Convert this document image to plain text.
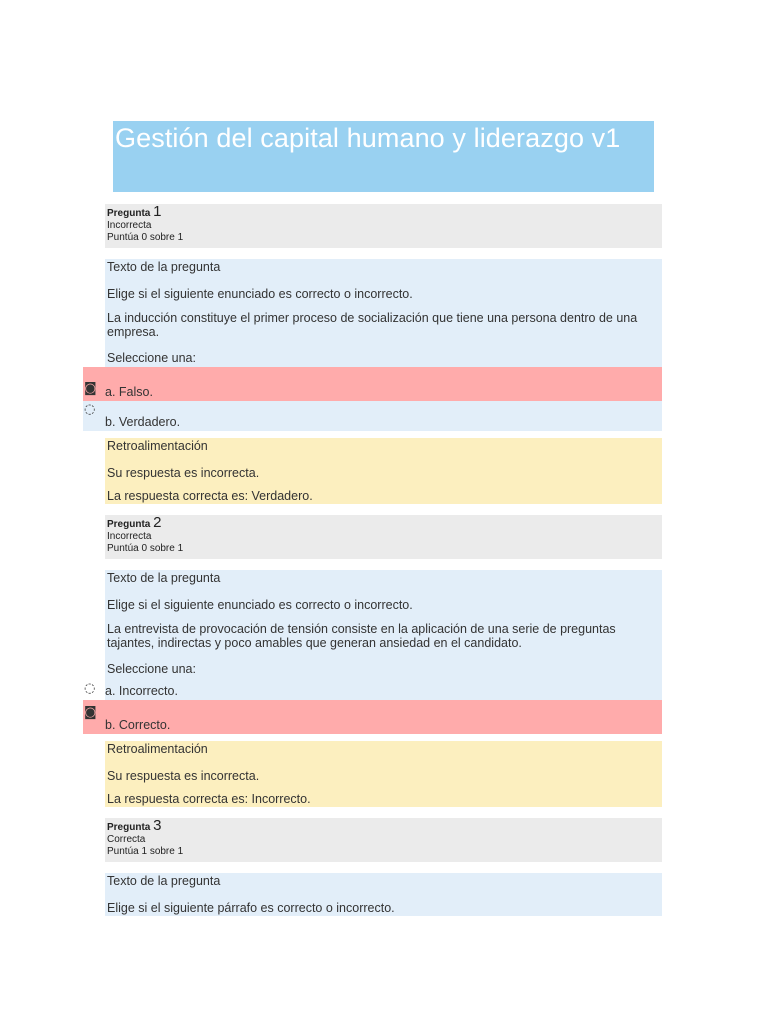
Gestión del capital humano y liderazgo v1
Pregunta 1
Incorrecta
Puntúa 0 sobre 1
Texto de la pregunta
Elige si el siguiente enunciado es correcto o incorrecto.
La inducción constituye el primer proceso de socialización que tiene una persona dentro de una empresa.
Seleccione una:
a. Falso.
◙
b. Verdadero.
◌
Retroalimentación
Su respuesta es incorrecta.
La respuesta correcta es: Verdadero.
Pregunta 2
Incorrecta
Puntúa 0 sobre 1
Texto de la pregunta
Elige si el siguiente enunciado es correcto o incorrecto.
La entrevista de provocación de tensión consiste en la aplicación de una serie de preguntas tajantes, indirectas y poco amables que generan ansiedad en el candidato.
Seleccione una:
a. Incorrecto.
◌
b. Correcto.
◙
Retroalimentación
Su respuesta es incorrecta.
La respuesta correcta es: Incorrecto.
Pregunta 3
Correcta
Puntúa 1 sobre 1
Texto de la pregunta
Elige si el siguiente párrafo es correcto o incorrecto.
